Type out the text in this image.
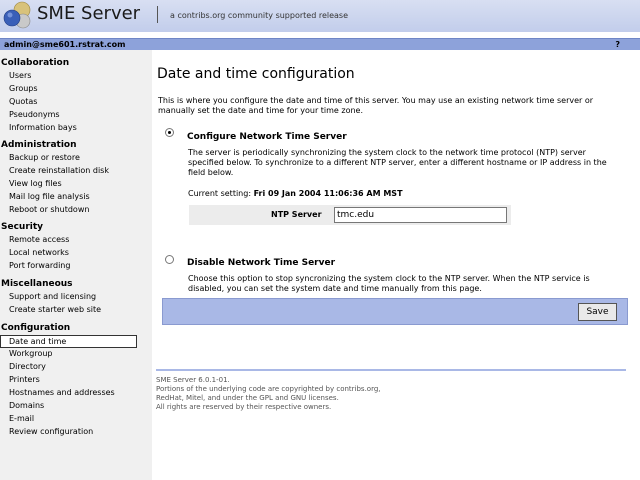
SME Server	a contribs.org community supported release
admin@sme601.rstrat.com	?
Collaboration
Users
Groups
Quotas
Pseudonyms
Information bays
Administration
Backup or restore
Create reinstallation disk
View log files
Mail log file analysis
Reboot or shutdown
Security
Remote access
Local networks
Port forwarding
Miscellaneous
Support and licensing
Create starter web site
Configuration
Date and time
Workgroup
Directory
Printers
Hostnames and addresses
Domains
E-mail
Review configuration
Date and time configuration
This is where you configure the date and time of this server. You may use an existing network time server or manually set the date and time for your time zone.
Configure Network Time Server
The server is periodically synchronizing the system clock to the network time protocol (NTP) server specified below. To synchronize to a different NTP server, enter a different hostname or IP address in the field below.
Current setting: Fri 09 Jan 2004 11:06:36 AM MST
NTP Server
tmc.edu
Disable Network Time Server
Choose this option to stop syncronizing the system clock to the NTP server. When the NTP service is disabled, you can set the system date and time manually from this page.
Save
SME Server 6.0.1-01.
Portions of the underlying code are copyrighted by contribs.org,
RedHat, Mitel, and under the GPL and GNU licenses.
All rights are reserved by their respective owners.
